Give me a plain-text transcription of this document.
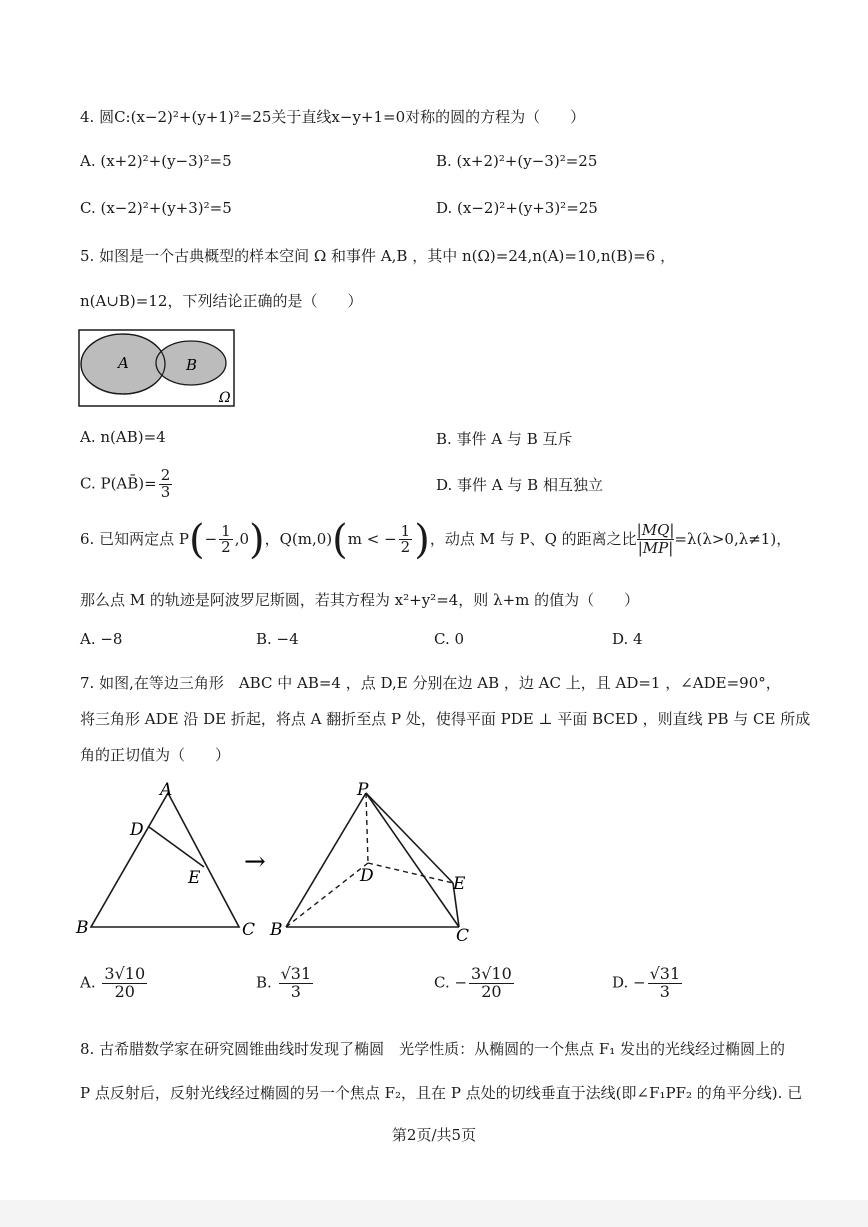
4. 圆C:(x−2)²+(y+1)²=25关于直线x−y+1=0对称的圆的方程为（　　）
A. (x+2)²+(y−3)²=5	B. (x+2)²+(y−3)²=25
C. (x−2)²+(y+3)²=5	D. (x−2)²+(y+3)²=25
5. 如图是一个古典概型的样本空间 Ω 和事件 A,B ，其中 n(Ω)=24,n(A)=10,n(B)=6 ，
n(A∪B)=12，下列结论正确的是（　　）
A	B
Ω
A. n(AB)=4	B. 事件 A 与 B 互斥
C. P(AB̄)= $\frac{2}{3}$	D. 事件 A 与 B 相互独立
6. 已知两定点 $P(- \frac{1}{2} ,0)$，Q(m,0)(m < − $\frac{1}{2}$ )，动点 M 与 P、Q 的距离之比 $\frac{|MQ|}{|MP|}=\lambda(\lambda>0,\lambda\ne 1)$，
那么点 M 的轨迹是阿波罗尼斯圆，若其方程为 x²+y²=4，则 λ+m 的值为（　　）
A. −8	B. −4	C. 0	D. 4
7. 如图,在等边三角形　ABC 中 AB=4 ，点 D,E 分别在边 AB ，边 AC 上，且 AD=1 ，∠ADE=90°，
将三角形 ADE 沿 DE 折起，将点 A 翻折至点 P 处，使得平面 PDE ⊥ 平面 BCED ，则直线 PB 与 CE 所成
角的正切值为（　　）
A
D
E
B	C
→
P
D	E
B	C
A. $\frac{3√10}{20}$	B. $\frac{√31}{3}$	C. − $\frac{3√10}{20}$	D. − $\frac{√31}{3}$
8. 古希腊数学家在研究圆锥曲线时发现了椭圆　光学性质：从椭圆的一个焦点 F₁ 发出的光线经过椭圆上的
P 点反射后，反射光线经过椭圆的另一个焦点 F₂，且在 P 点处的切线垂直于法线(即∠F₁PF₂ 的角平分线). 已
第2页/共5页
